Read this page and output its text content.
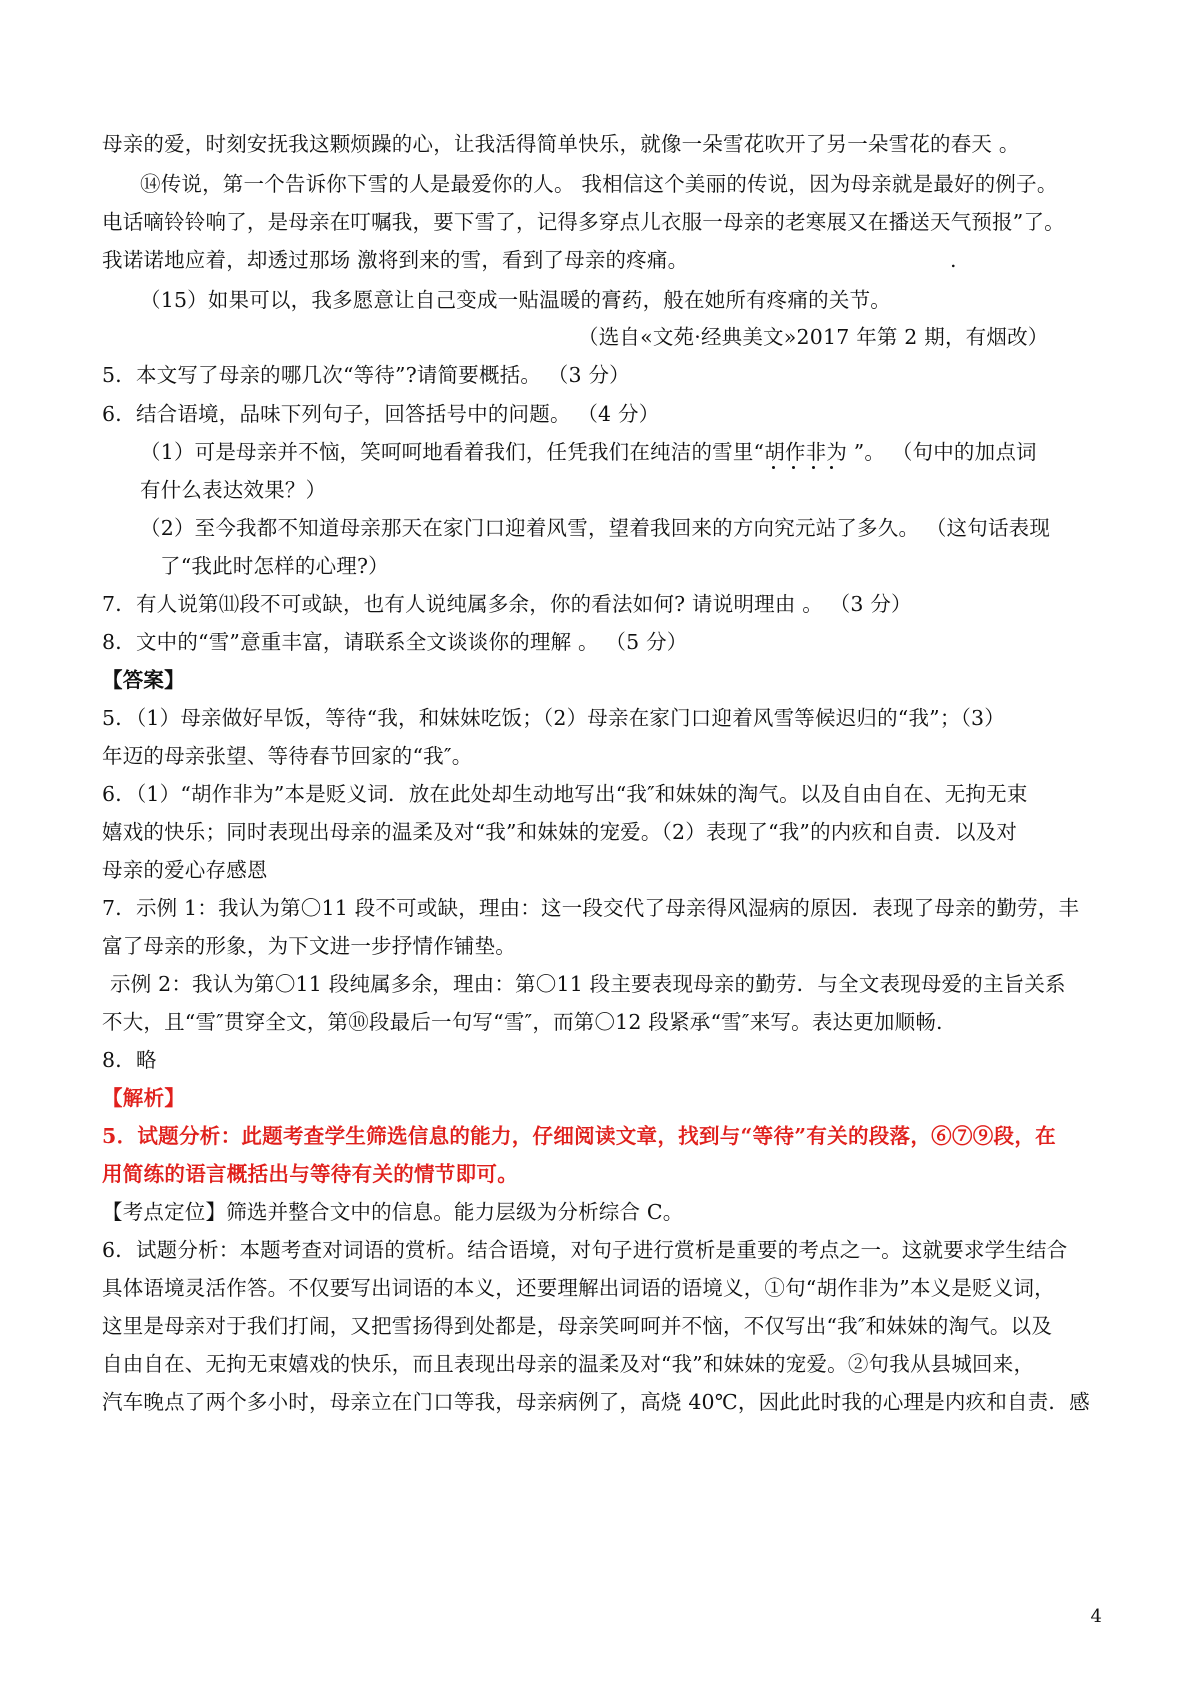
母亲的爱，时刻安抚我这颗烦躁的心，让我活得简单快乐，就像一朵雪花吹开了另一朵雪花的春天 。
⑭传说，第一个告诉你下雪的人是最爱你的人。 我相信这个美丽的传说，因为母亲就是最好的例子。
电话嘀铃铃响了，是母亲在叮嘱我，要下雪了，记得多穿点儿衣服一母亲的老寒展又在播送天气预报”了。
我诺诺地应着，却透过那场 激将到来的雪，看到了母亲的疼痛。	.
（15）如果可以，我多愿意让自己变成一贴温暖的膏药，般在她所有疼痛的关节。
（选自«文苑·经典美文»2017 年第 2 期，有烟改）
5．本文写了母亲的哪几次“等待”?请简要概括。 （3 分）
6．结合语境，品味下列句子，回答括号中的问题。 （4 分）
（1）可是母亲并不恼，笑呵呵地看着我们，任凭我们在纯洁的雪里“胡作非为 ”。 （句中的加点词
有什么表达效果？）
（2）至今我都不知道母亲那天在家门口迎着风雪，望着我回来的方向究元站了多久。 （这句话表现
了“我此时怎样的心理?）
7．有人说第⑾段不可或缺，也有人说纯属多余，你的看法如何? 请说明理由 。 （3 分）
8．文中的“雪”意重丰富，请联系全文谈谈你的理解 。 （5 分）
【答案】
5．（1）母亲做好早饭，等待“我，和妹妹吃饭；（2）母亲在家门口迎着风雪等候迟归的“我”；（3）
年迈的母亲张望、等待春节回家的“我″。
6．（1）“胡作非为”本是贬义词．放在此处却生动地写出“我″和妹妹的淘气。以及自由自在、无拘无束
嬉戏的快乐；同时表现出母亲的温柔及对“我”和妹妹的宠爱。（2）表现了“我”的内疚和自责．以及对
母亲的爱心存感恩
7．示例 1：我认为第〇11 段不可或缺，理由：这一段交代了母亲得风湿病的原因．表现了母亲的勤劳，丰
富了母亲的形象，为下文进一步抒情作铺垫。
示例 2：我认为第〇11 段纯属多余，理由：第〇11 段主要表现母亲的勤劳．与全文表现母爱的主旨关系
不大，且“雪″贯穿全文，第⑩段最后一句写“雪″，而第〇12 段紧承“雪″来写。表达更加顺畅.
8．略
【解析】
5．试题分析：此题考查学生筛选信息的能力，仔细阅读文章，找到与“等待”有关的段落，⑥⑦⑨段，在
用简练的语言概括出与等待有关的情节即可。
【考点定位】筛选并整合文中的信息。能力层级为分析综合 C。
6．试题分析：本题考查对词语的赏析。结合语境，对句子进行赏析是重要的考点之一。这就要求学生结合
具体语境灵活作答。不仅要写出词语的本义，还要理解出词语的语境义，①句“胡作非为”本义是贬义词，
这里是母亲对于我们打闹，又把雪扬得到处都是，母亲笑呵呵并不恼，不仅写出“我″和妹妹的淘气。以及
自由自在、无拘无束嬉戏的快乐，而且表现出母亲的温柔及对“我”和妹妹的宠爱。②句我从县城回来，
汽车晚点了两个多小时，母亲立在门口等我，母亲病例了，高烧 40℃，因此此时我的心理是内疚和自责．感
4
